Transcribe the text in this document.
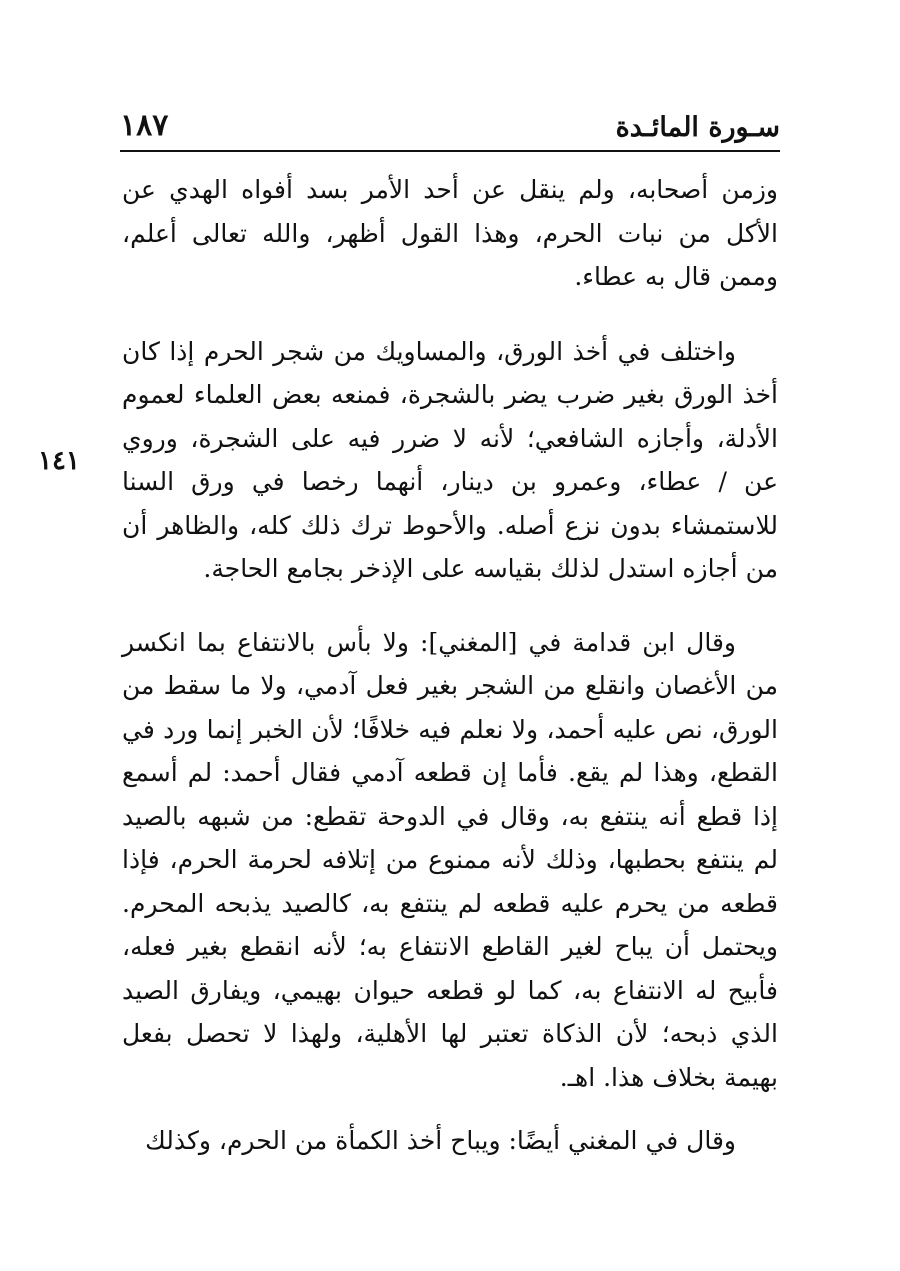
سـورة المائـدة
١٨٧
١٤١

وزمن أصحابه، ولم ينقل عن أحد الأمر بسد أفواه الهدي عن الأكل من نبات الحرم، وهذا القول أظهر، والله تعالى أعلم، وممن قال به عطاء.

واختلف في أخذ الورق، والمساويك من شجر الحرم إذا كان أخذ الورق بغير ضرب يضر بالشجرة، فمنعه بعض العلماء لعموم الأدلة، وأجازه الشافعي؛ لأنه لا ضرر فيه على الشجرة، وروي عن / عطاء، وعمرو بن دينار، أنهما رخصا في ورق السنا للاستمشاء بدون نزع أصله. والأحوط ترك ذلك كله، والظاهر أن من أجازه استدل لذلك بقياسه على الإذخر بجامع الحاجة.

وقال ابن قدامة في [المغني]: ولا بأس بالانتفاع بما انكسر من الأغصان وانقلع من الشجر بغير فعل آدمي، ولا ما سقط من الورق، نص عليه أحمد، ولا نعلم فيه خلافًا؛ لأن الخبر إنما ورد في القطع، وهذا لم يقع. فأما إن قطعه آدمي فقال أحمد: لم أسمع إذا قطع أنه ينتفع به، وقال في الدوحة تقطع: من شبهه بالصيد لم ينتفع بحطبها، وذلك لأنه ممنوع من إتلافه لحرمة الحرم، فإذا قطعه من يحرم عليه قطعه لم ينتفع به، كالصيد يذبحه المحرم. ويحتمل أن يباح لغير القاطع الانتفاع به؛ لأنه انقطع بغير فعله، فأبيح له الانتفاع به، كما لو قطعه حيوان بهيمي، ويفارق الصيد الذي ذبحه؛ لأن الذكاة تعتبر لها الأهلية، ولهذا لا تحصل بفعل بهيمة بخلاف هذا. اهـ.

وقال في المغني أيضًا: ويباح أخذ الكمأة من الحرم، وكذلك
